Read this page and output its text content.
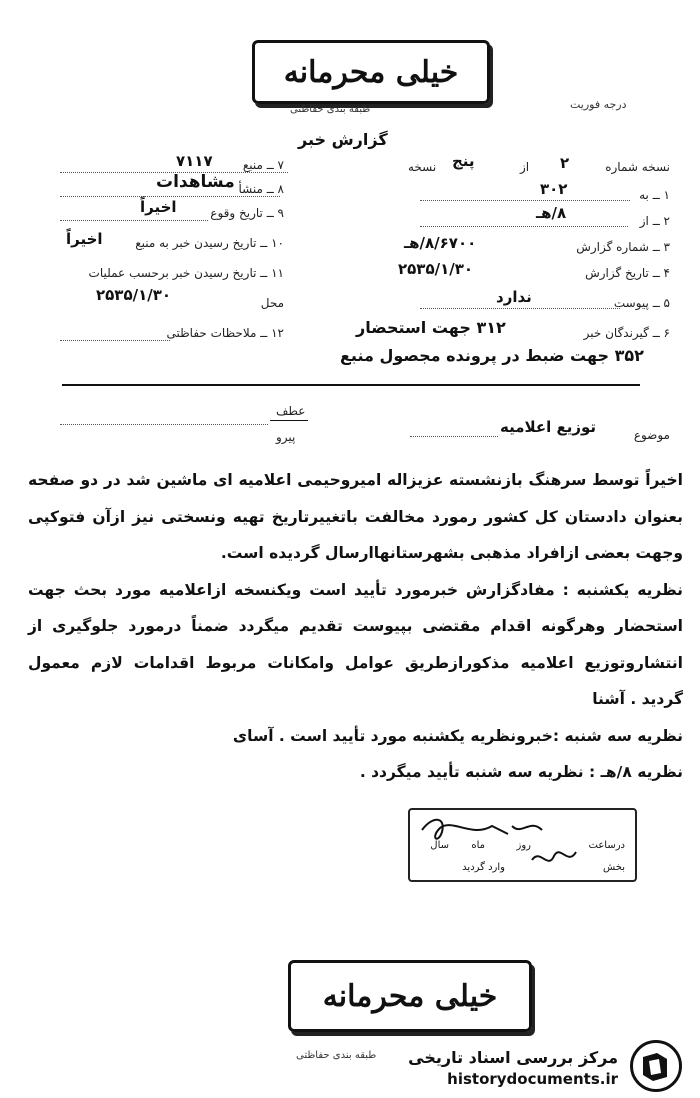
خیلی محرمانه
طبقه بندی حفاظتی	درجه فوریت
گزارش خبر
۷ ــ منبع
۷۱۱۷
۸ ــ منشأ
مشاهدات
۹ ــ تاریخ وقوع
اخیراً
۱۰ ــ تاریخ رسیدن خبر به منبع
اخیراً
۱۱ ــ تاریخ رسیدن خبر برحسب عملیات
محل
۲۵۳۵/۱/۳۰
۱۲ ــ ملاحظات حفاظتی
نسخه شماره
۲
از
پنج
نسخه
۱ ــ به
۳۰۲
۲ ــ از
۸/هـ
۳ ــ شماره گزارش
۸/۶۷۰۰/هـ
۴ ــ تاریخ گزارش
۲۵۳۵/۱/۳۰
۵ ــ پیوست
ندارد
۶ ــ گیرندگان خبر
۳۱۲ جهت استحضار
۳۵۲ جهت ضبط در پرونده مجصول منبع
عطف
پیرو	موضوع
توزیع اعلامیه

اخیراً توسط سرهنگ بازنشسته عزیزاله امیروحیمی اعلامیه ای ماشین شد در دو صفحه بعنوان دادستان کل کشور رمورد مخالفت باتغییرتاریخ تهیه ونسختی نیز ازآن فتوکپی وجهت بعضی ازافراد مذهبی بشهرستانهاارسال گردیده است.

نظریه یکشنبه : مفادگزارش خبرمورد تأیید است ویکنسخه ازاعلامیه مورد بحث جهت استحضار وهرگونه اقدام مقتضی بپیوست تقدیم میگردد ضمناً درمورد جلوگیری از انتشاروتوزیع اعلامیه مذکورازطریق عوامل وامکانات مربوط اقدامات لازم معمول گردید . آشنا

نظریه سه شنبه :خبرونظریه یکشنبه مورد تأیید است . آسای

نظریه ۸/هـ : نظریه سه شنبه تأیید میگردد .

درساعت
روز
ماه
سال
بخش
وارد گردید
خیلی محرمانه
طبقه بندی حفاظتی مرکز بررسی اسناد تاریخی
historydocuments.ir
